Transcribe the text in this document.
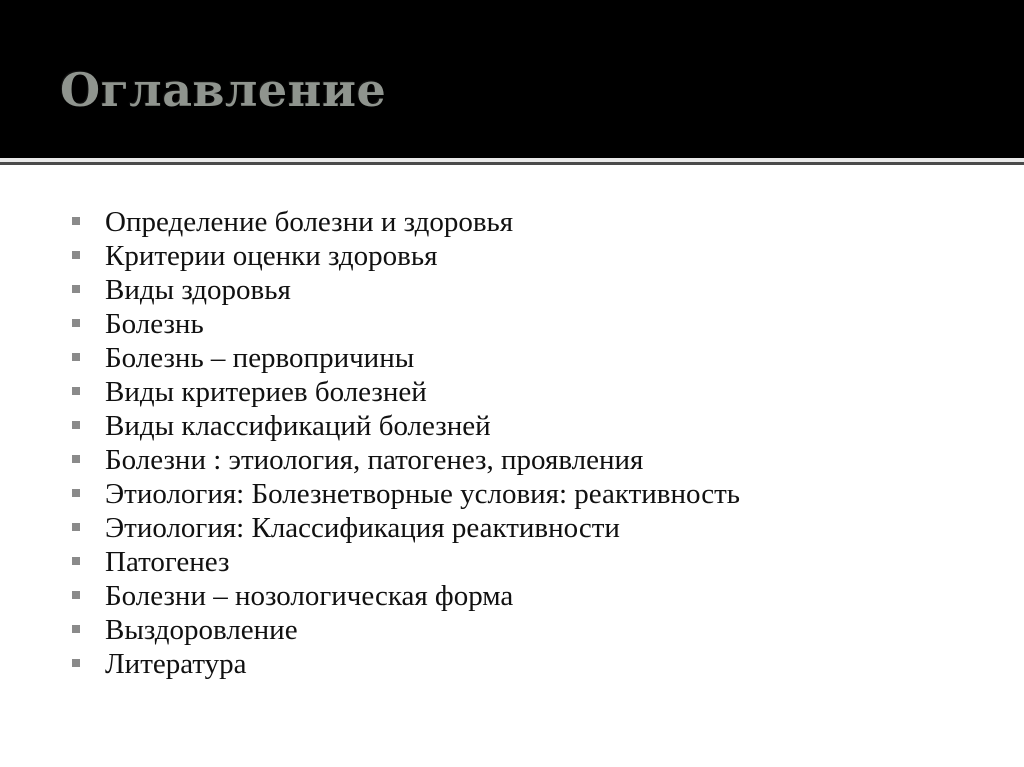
Оглавление
Определение болезни и здоровья
Критерии оценки здоровья
Виды здоровья
Болезнь
Болезнь – первопричины
Виды критериев болезней
Виды классификаций болезней
Болезни : этиология, патогенез, проявления
Этиология: Болезнетворные условия: реактивность
Этиология: Классификация реактивности
Патогенез
Болезни – нозологическая форма
Выздоровление
Литература
